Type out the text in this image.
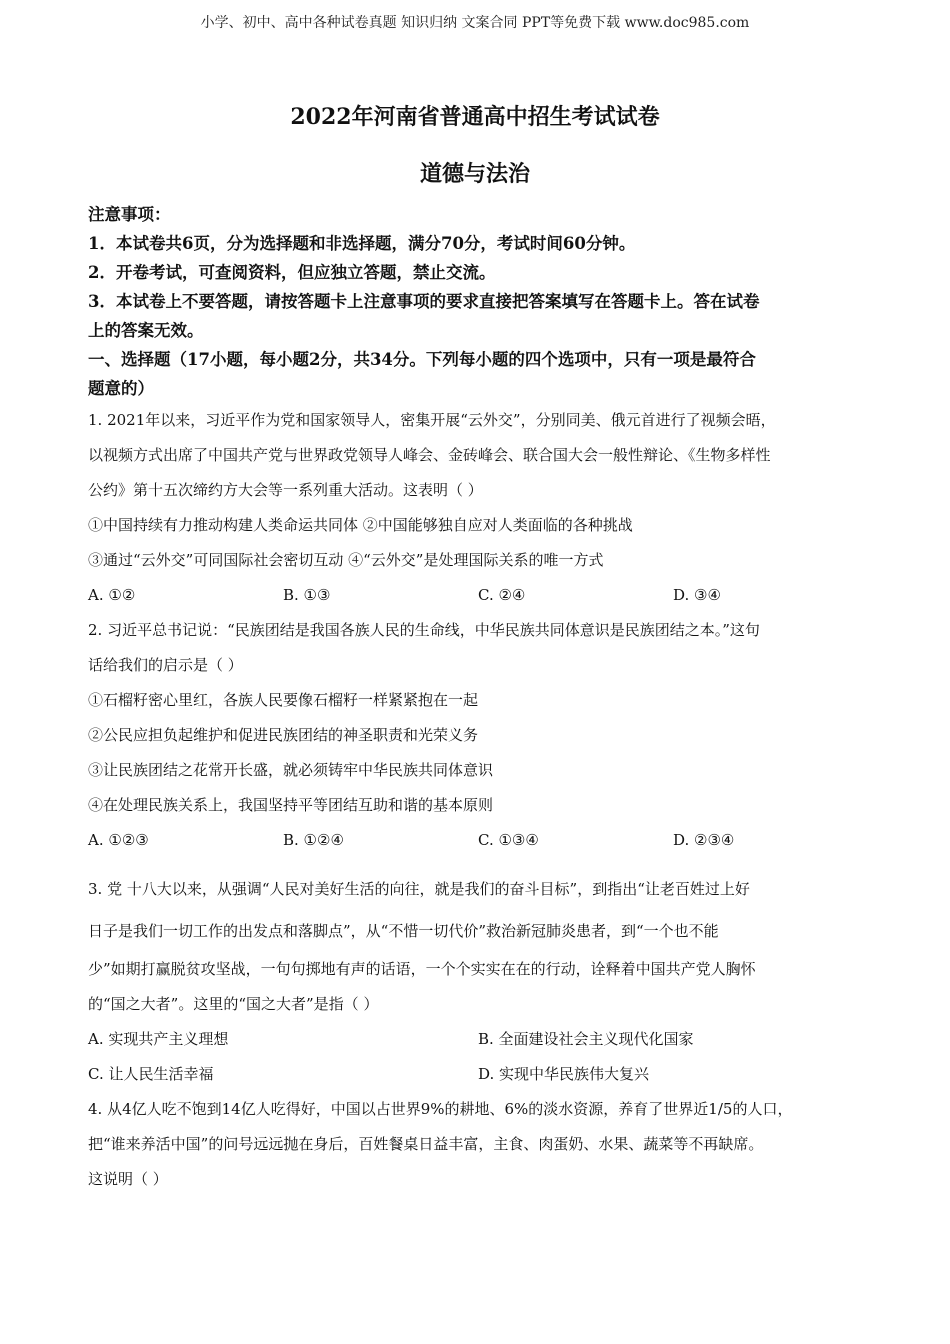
小学、初中、高中各种试卷真题 知识归纳 文案合同 PPT等免费下载 www.doc985.com
2022年河南省普通高中招生考试试卷
道德与法治
注意事项：
1．本试卷共6页，分为选择题和非选择题，满分70分，考试时间60分钟。
2．开卷考试，可查阅资料，但应独立答题，禁止交流。
3．本试卷上不要答题，请按答题卡上注意事项的要求直接把答案填写在答题卡上。答在试卷
上的答案无效。
一、选择题（17小题，每小题2分，共34分。下列每小题的四个选项中，只有一项是最符合
题意的）
1. 2021年以来，习近平作为党和国家领导人，密集开展“云外交”，分别同美、俄元首进行了视频会晤，
以视频方式出席了中国共产党与世界政党领导人峰会、金砖峰会、联合国大会一般性辩论、《生物多样性
公约》第十五次缔约方大会等一系列重大活动。这表明（ ）
①中国持续有力推动构建人类命运共同体 ②中国能够独自应对人类面临的各种挑战
③通过“云外交”可同国际社会密切互动 ④“云外交”是处理国际关系的唯一方式
A. ①②	B. ①③	C. ②④	D. ③④
2. 习近平总书记说：“民族团结是我国各族人民的生命线，中华民族共同体意识是民族团结之本。”这句
话给我们的启示是（ ）
①石榴籽密心里红，各族人民要像石榴籽一样紧紧抱在一起
②公民应担负起维护和促进民族团结的神圣职责和光荣义务
③让民族团结之花常开长盛，就必须铸牢中华民族共同体意识
④在处理民族关系上，我国坚持平等团结互助和谐的基本原则
A. ①②③	B. ①②④	C. ①③④	D. ②③④
3. 党 十八大以来，从强调“人民对美好生活的向往，就是我们的奋斗目标”，到指出“让老百姓过上好
日子是我们一切工作的出发点和落脚点”，从“不惜一切代价”救治新冠肺炎患者，到“一个也不能
少”如期打赢脱贫攻坚战，一句句掷地有声的话语，一个个实实在在的行动，诠释着中国共产党人胸怀
的“国之大者”。这里的“国之大者”是指（ ）
A. 实现共产主义理想	B. 全面建设社会主义现代化国家
C. 让人民生活幸福	D. 实现中华民族伟大复兴
4. 从4亿人吃不饱到14亿人吃得好，中国以占世界9%的耕地、6%的淡水资源，养育了世界近1/5的人口，
把“谁来养活中国”的问号远远抛在身后，百姓餐桌日益丰富，主食、肉蛋奶、水果、蔬菜等不再缺席。
这说明（ ）
